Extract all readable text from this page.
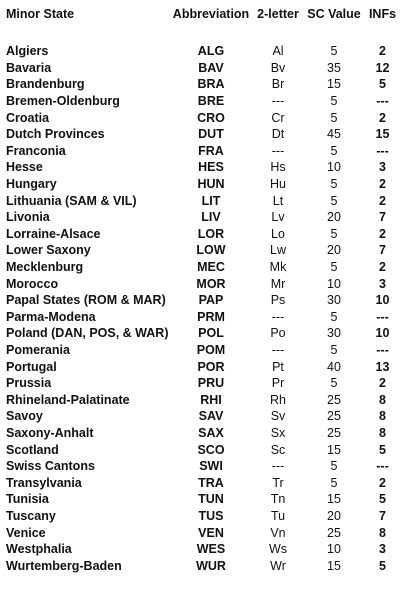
Minor State	Abbreviation	2-letter	SC Value	INFs

Algiers	ALG	Al	5	2
Bavaria	BAV	Bv	35	12
Brandenburg	BRA	Br	15	5
Bremen-Oldenburg	BRE	---	5	---
Croatia	CRO	Cr	5	2
Dutch Provinces	DUT	Dt	45	15
Franconia	FRA	---	5	---
Hesse	HES	Hs	10	3
Hungary	HUN	Hu	5	2
Lithuania (SAM & VIL)	LIT	Lt	5	2
Livonia	LIV	Lv	20	7
Lorraine-Alsace	LOR	Lo	5	2
Lower Saxony	LOW	Lw	20	7
Mecklenburg	MEC	Mk	5	2
Morocco	MOR	Mr	10	3
Papal States (ROM & MAR)	PAP	Ps	30	10
Parma-Modena	PRM	---	5	---
Poland (DAN, POS, & WAR)	POL	Po	30	10
Pomerania	POM	---	5	---
Portugal	POR	Pt	40	13
Prussia	PRU	Pr	5	2
Rhineland-Palatinate	RHI	Rh	25	8
Savoy	SAV	Sv	25	8
Saxony-Anhalt	SAX	Sx	25	8
Scotland	SCO	Sc	15	5
Swiss Cantons	SWI	---	5	---
Transylvania	TRA	Tr	5	2
Tunisia	TUN	Tn	15	5
Tuscany	TUS	Tu	20	7
Venice	VEN	Vn	25	8
Westphalia	WES	Ws	10	3
Wurtemberg-Baden	WUR	Wr	15	5
